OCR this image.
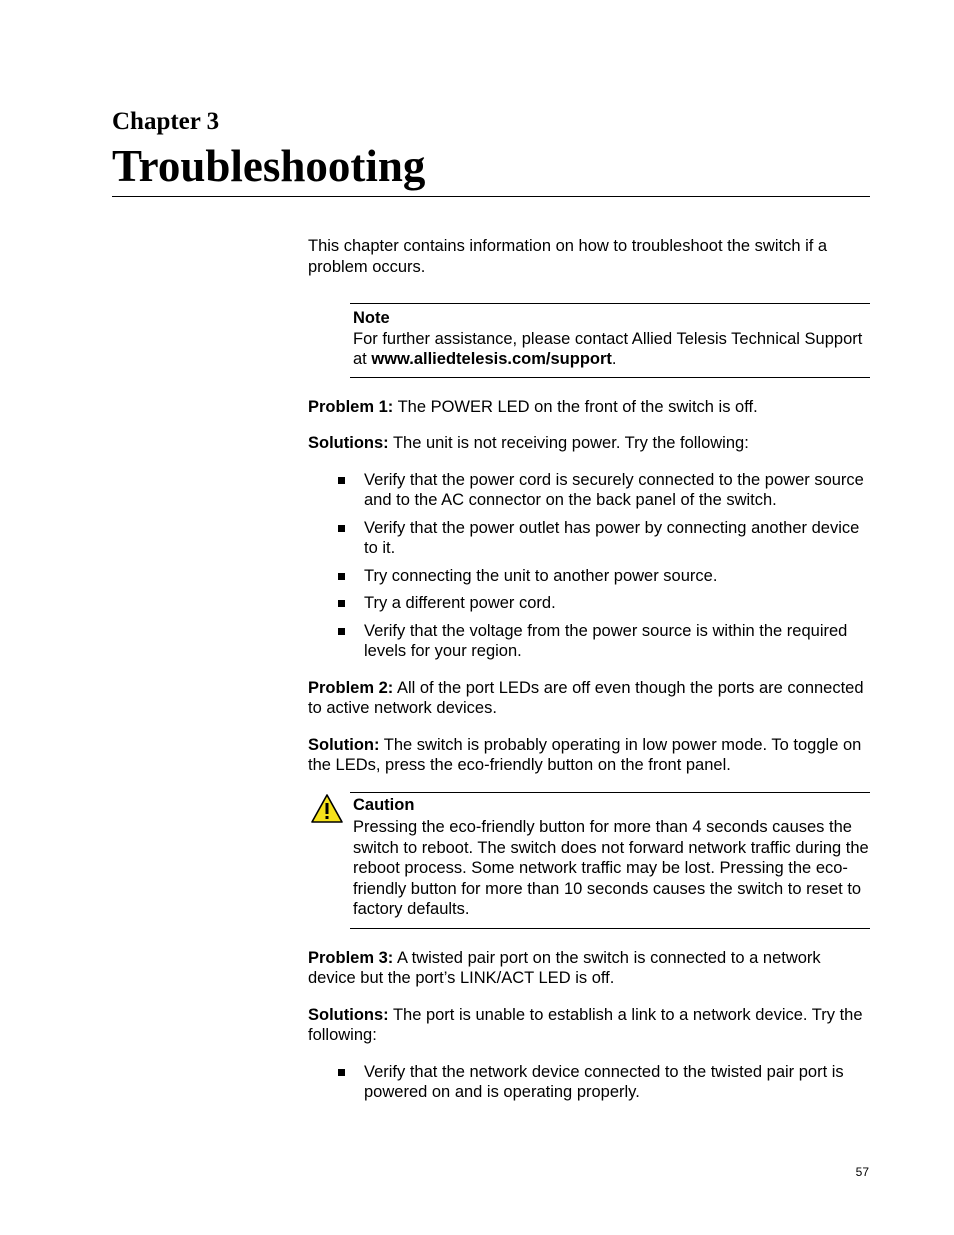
Chapter 3
Troubleshooting

This chapter contains information on how to troubleshoot the switch if a problem occurs.

Note

For further assistance, please contact Allied Telesis Technical Support at www.alliedtelesis.com/support.

Problem 1: The POWER LED on the front of the switch is off.

Solutions: The unit is not receiving power. Try the following:

Verify that the power cord is securely connected to the power source and to the AC connector on the back panel of the switch.
Verify that the power outlet has power by connecting another device to it.
Try connecting the unit to another power source.
Try a different power cord.
Verify that the voltage from the power source is within the required levels for your region.

Problem 2: All of the port LEDs are off even though the ports are connected to active network devices.

Solution: The switch is probably operating in low power mode. To toggle on the LEDs, press the eco-friendly button on the front panel.

Caution

Pressing the eco-friendly button for more than 4 seconds causes the switch to reboot. The switch does not forward network traffic during the reboot process. Some network traffic may be lost. Pressing the eco-friendly button for more than 10 seconds causes the switch to reset to factory defaults.

Problem 3: A twisted pair port on the switch is connected to a network device but the port’s LINK/ACT LED is off.

Solutions: The port is unable to establish a link to a network device. Try the following:

Verify that the network device connected to the twisted pair port is powered on and is operating properly.
57
